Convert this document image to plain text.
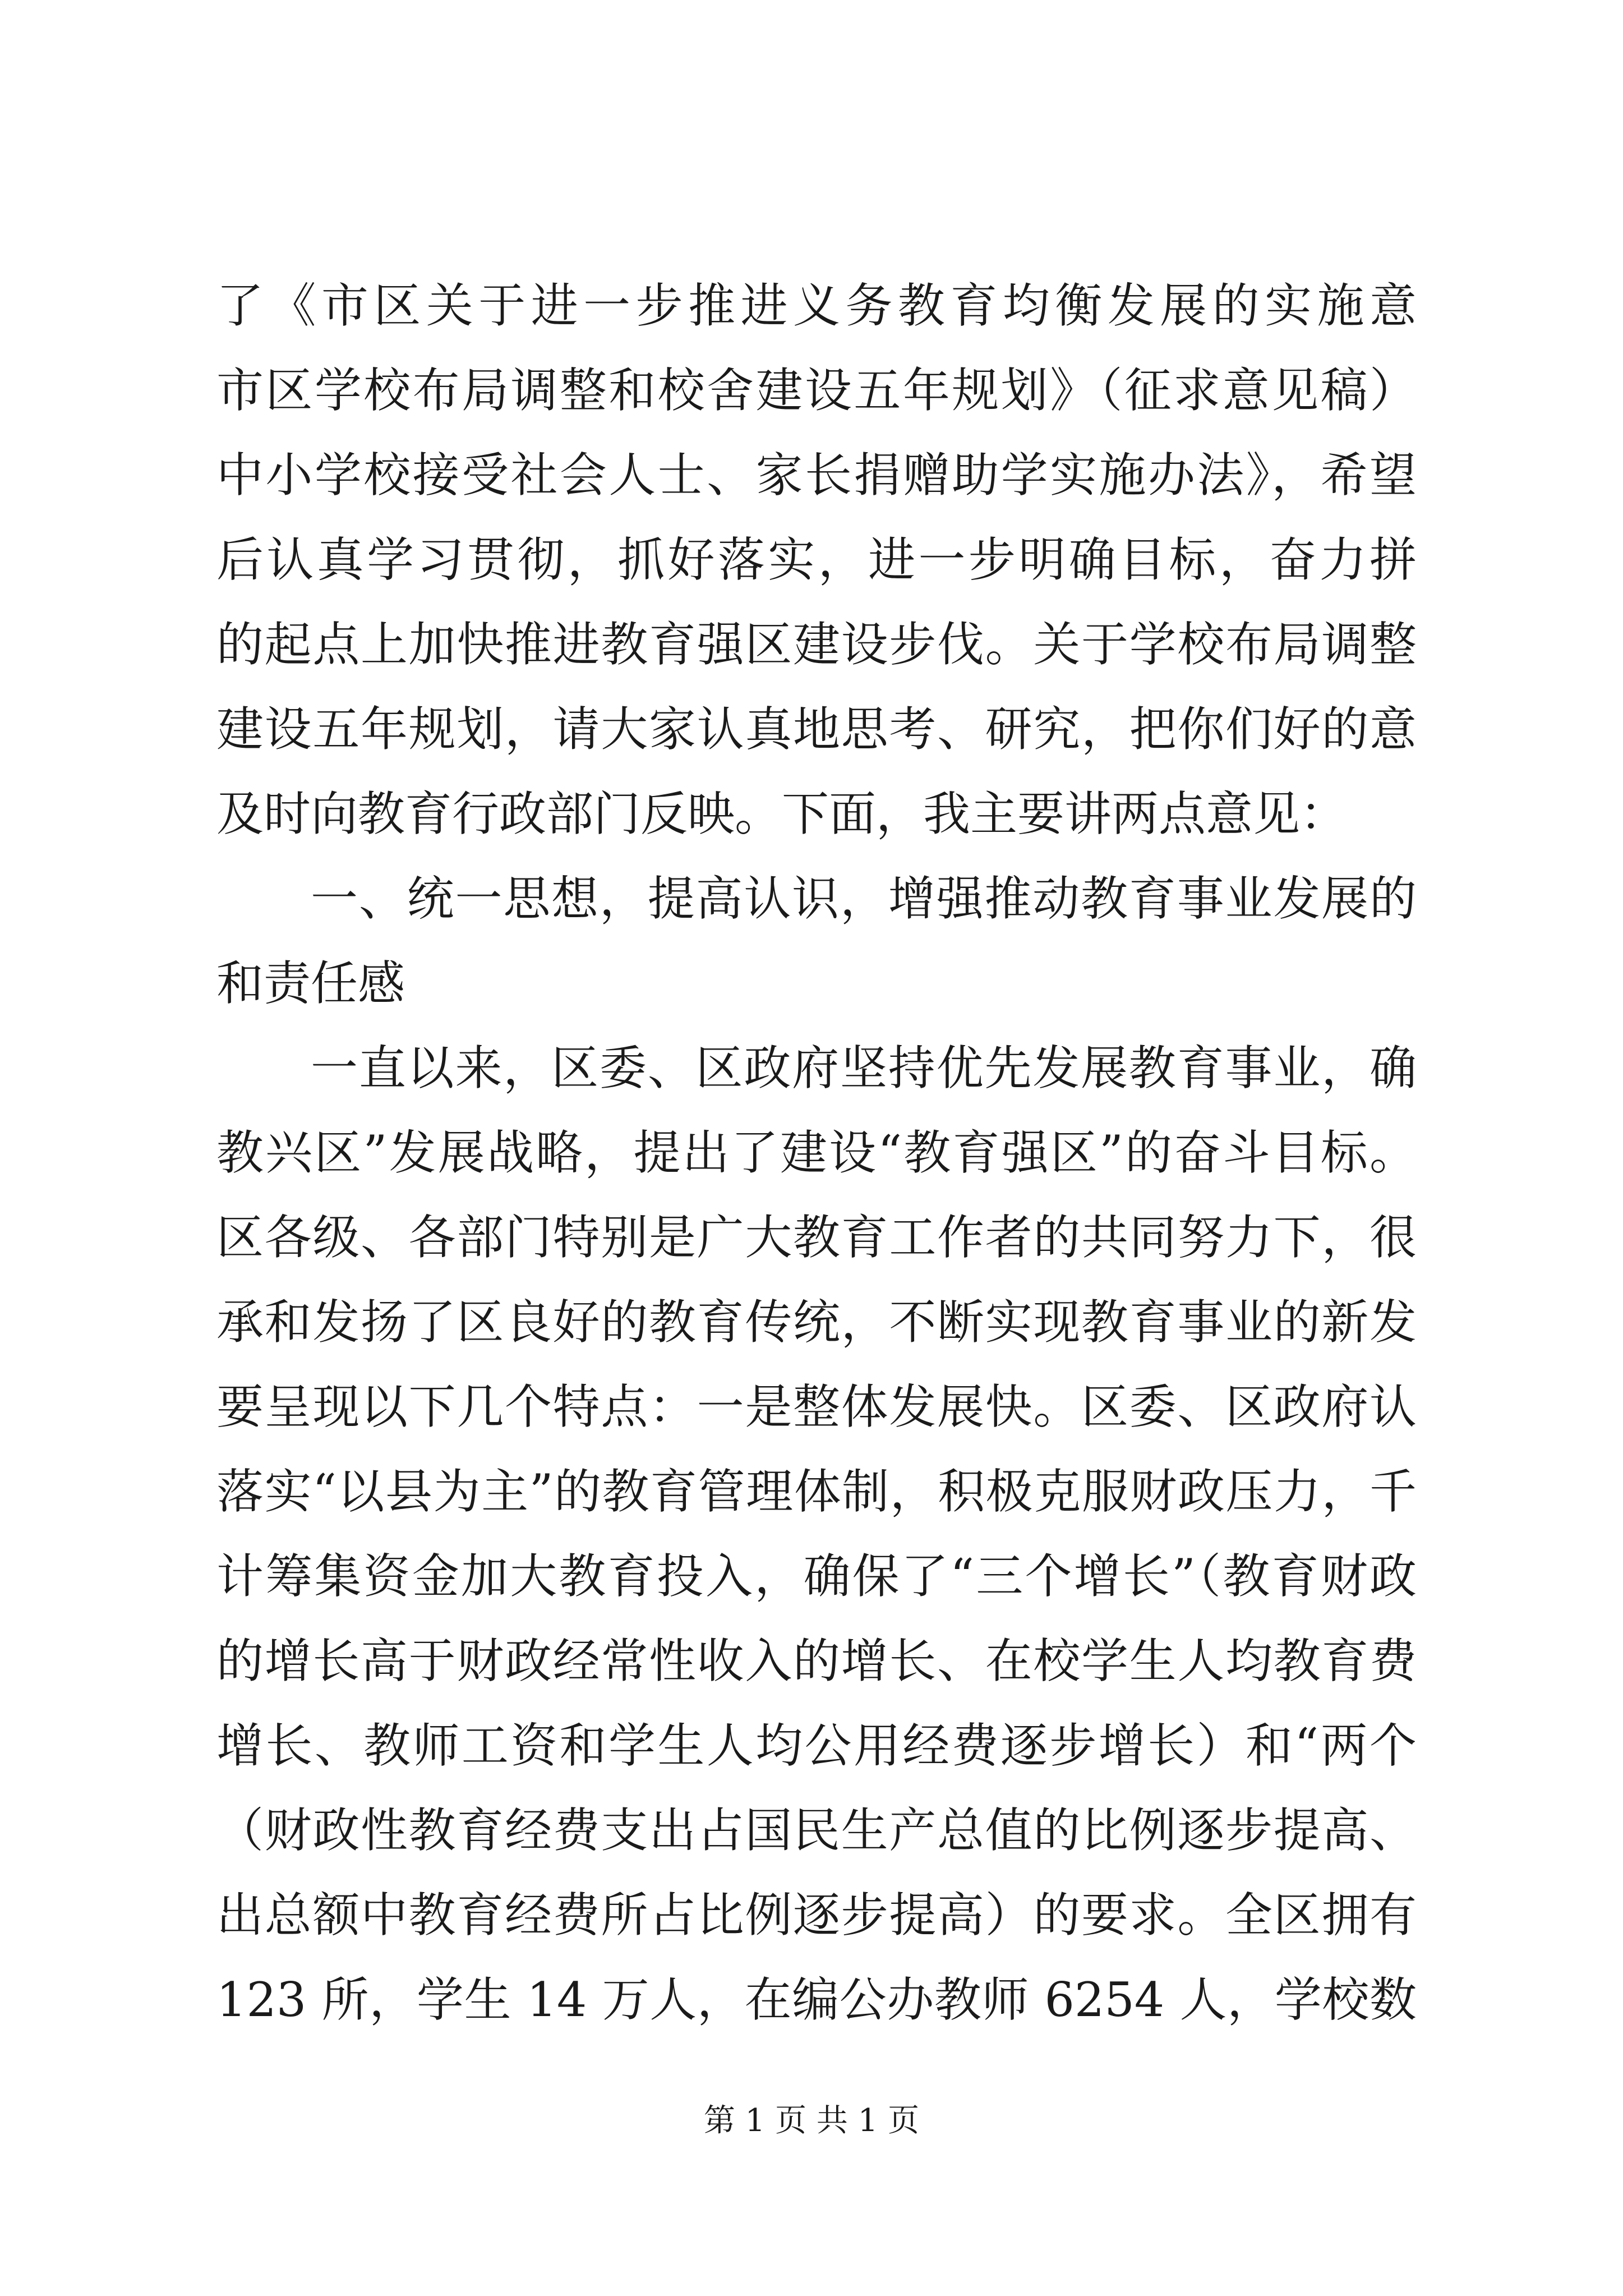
了《市区关于进一步推进义务教育均衡发展的实施意
市区学校布局调整和校舍建设五年规划》（征求意见稿）
中小学校接受社会人士、家长捐赠助学实施办法》，希望
后认真学习贯彻，抓好落实，进一步明确目标，奋力拼
的起点上加快推进教育强区建设步伐。关于学校布局调整
建设五年规划，请大家认真地思考、研究，把你们好的意
及时向教育行政部门反映。下面，我主要讲两点意见：
一、统一思想，提高认识，增强推动教育事业发展的
和责任感
一直以来，区委、区政府坚持优先发展教育事业，确
教兴区”发展战略，提出了建设“教育强区”的奋斗目标。
区各级、各部门特别是广大教育工作者的共同努力下，很
承和发扬了区良好的教育传统，不断实现教育事业的新发
要呈现以下几个特点：一是整体发展快。区委、区政府认
落实“以县为主”的教育管理体制，积极克服财政压力，千
计筹集资金加大教育投入，确保了“三个增长”（教育财政
的增长高于财政经常性收入的增长、在校学生人均教育费
增长、教师工资和学生人均公用经费逐步增长）和“两个
（财政性教育经费支出占国民生产总值的比例逐步提高、
出总额中教育经费所占比例逐步提高）的要求。全区拥有
123 所，学生 14 万人，在编公办教师 6254 人，学校数
第 1 页 共 1 页
